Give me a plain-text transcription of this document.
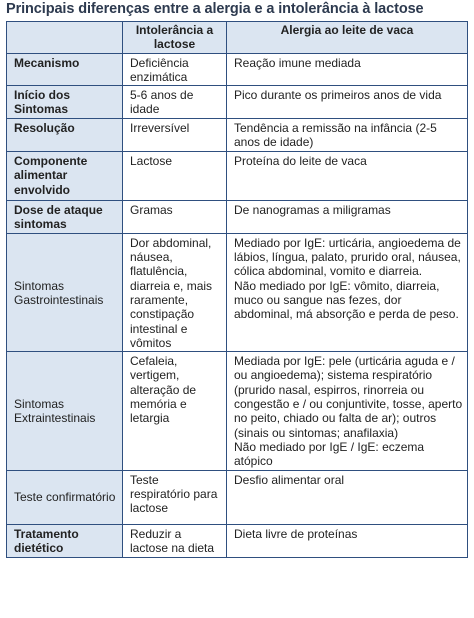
Principais diferenças entre a alergia e a intolerância à lactose
	Intolerância a lactose	Alergia ao leite de vaca
Mecanismo	Deficiência enzimática	Reação imune mediada
Início dos Sintomas	5-6 anos de idade	Pico durante os primeiros anos de vida
Resolução	Irreversível	Tendência a remissão na infância (2-5 anos de idade)
Componente alimentar envolvido	Lactose	Proteína do leite de vaca
Dose de ataque sintomas	Gramas	De nanogramas a miligramas
Sintomas Gastrointestinais	Dor abdominal, náusea, flatulência, diarreia e, mais raramente, constipação intestinal e vômitos	Mediado por IgE: urticária, angioedema de lábios, língua, palato, prurido oral, náusea, cólica abdominal, vomito e diarreia.
Não mediado por IgE: vômito, diarreia, muco ou sangue nas fezes, dor abdominal, má absorção e perda de peso.

Sintomas Extraintestinais	Cefaleia, vertigem, alteração de memória e letargia	Mediada por IgE: pele (urticária aguda e / ou angioedema); sistema respiratório (prurido nasal, espirros, rinorreia ou congestão e / ou conjuntivite, tosse, aperto no peito, chiado ou falta de ar); outros (sinais ou sintomas; anafilaxia)
Não mediado por IgE / IgE: eczema atópico

Teste confirmatório	Teste respiratório para lactose	Desfio alimentar oral
Tratamento dietético	Reduzir a lactose na dieta	Dieta livre de proteínas
